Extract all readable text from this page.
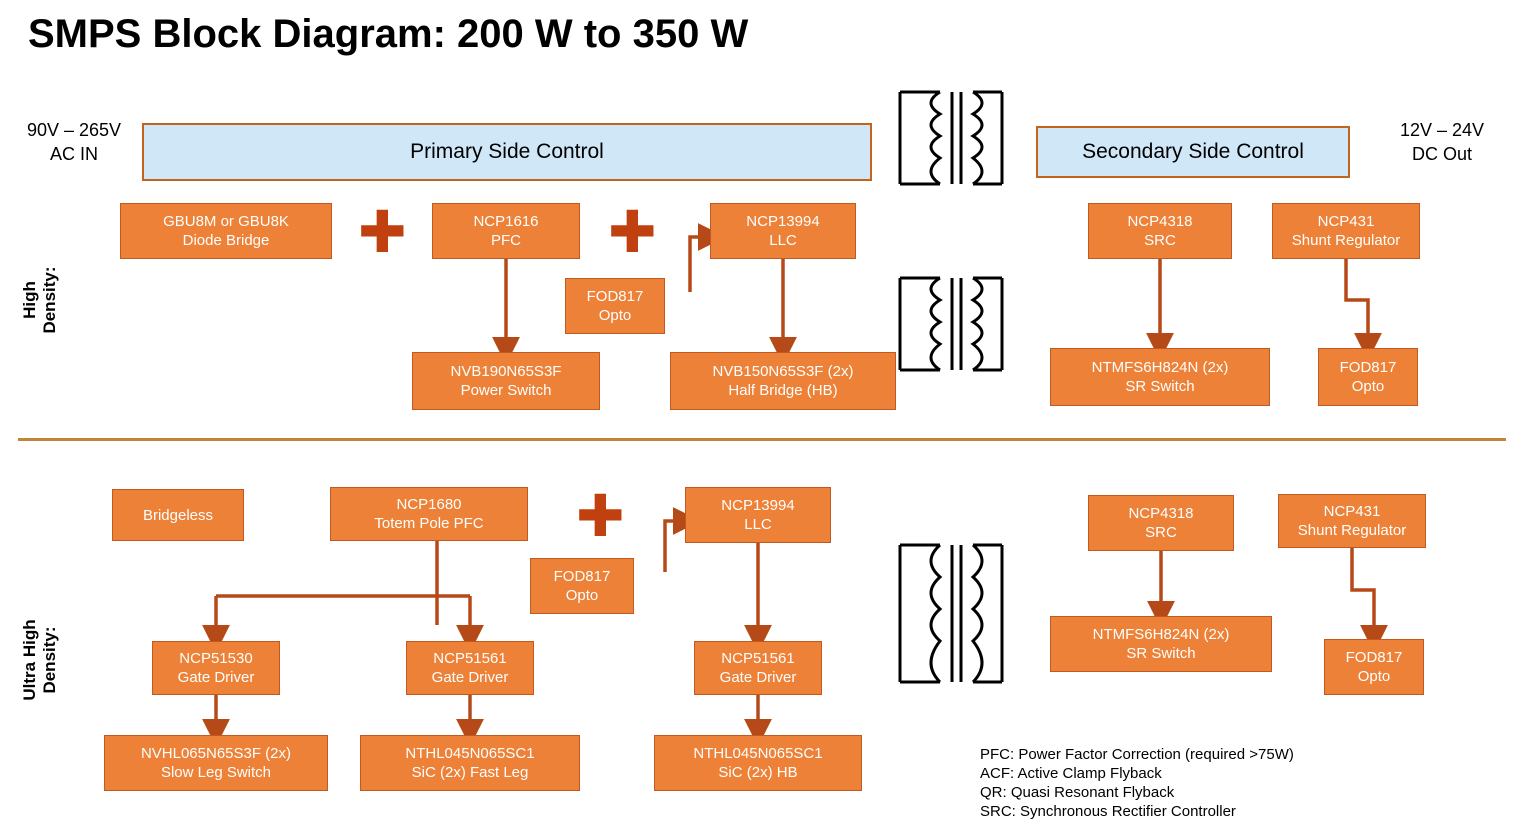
SMPS Block Diagram: 200 W to 350 W
90V – 265V
AC IN
12V – 24V
DC Out
High
Density:
Ultra High
Density:
Primary Side Control	Secondary Side Control
GBU8M or GBU8K
Diode Bridge ✚	NCP1616
PFC ✚	NCP13994
LLC
FOD817
Opto
NVB190N65S3F
Power Switch
NVB150N65S3F (2x)
Half Bridge (HB)
NCP4318
SRC
NCP431
Shunt Regulator
NTMFS6H824N (2x)
SR Switch
FOD817
Opto
Bridgeless
NCP1680
Totem Pole PFC ✚	NCP13994
LLC
FOD817
Opto
NCP51530
Gate Driver
NCP51561
Gate Driver
NCP51561
Gate Driver
NVHL065N65S3F (2x)
Slow Leg Switch
NTHL045N065SC1
SiC (2x) Fast Leg
NTHL045N065SC1
SiC (2x) HB
NCP4318
SRC
NCP431
Shunt Regulator
NTMFS6H824N (2x)
SR Switch	FOD817
Opto
PFC: Power Factor Correction (required >75W)
ACF: Active Clamp Flyback
QR: Quasi Resonant Flyback
SRC: Synchronous Rectifier Controller
